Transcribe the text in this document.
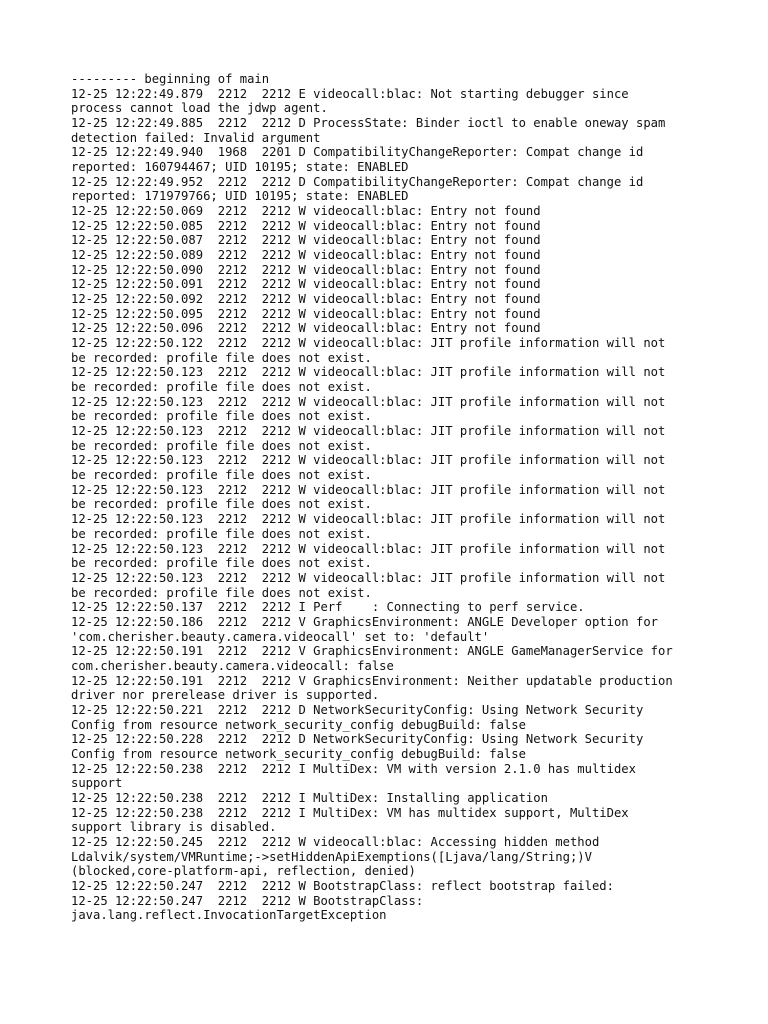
--------- beginning of main
12-25 12:22:49.879  2212  2212 E videocall:blac: Not starting debugger since
process cannot load the jdwp agent.
12-25 12:22:49.885  2212  2212 D ProcessState: Binder ioctl to enable oneway spam
detection failed: Invalid argument
12-25 12:22:49.940  1968  2201 D CompatibilityChangeReporter: Compat change id
reported: 160794467; UID 10195; state: ENABLED
12-25 12:22:49.952  2212  2212 D CompatibilityChangeReporter: Compat change id
reported: 171979766; UID 10195; state: ENABLED
12-25 12:22:50.069  2212  2212 W videocall:blac: Entry not found
12-25 12:22:50.085  2212  2212 W videocall:blac: Entry not found
12-25 12:22:50.087  2212  2212 W videocall:blac: Entry not found
12-25 12:22:50.089  2212  2212 W videocall:blac: Entry not found
12-25 12:22:50.090  2212  2212 W videocall:blac: Entry not found
12-25 12:22:50.091  2212  2212 W videocall:blac: Entry not found
12-25 12:22:50.092  2212  2212 W videocall:blac: Entry not found
12-25 12:22:50.095  2212  2212 W videocall:blac: Entry not found
12-25 12:22:50.096  2212  2212 W videocall:blac: Entry not found
12-25 12:22:50.122  2212  2212 W videocall:blac: JIT profile information will not
be recorded: profile file does not exist.
12-25 12:22:50.123  2212  2212 W videocall:blac: JIT profile information will not
be recorded: profile file does not exist.
12-25 12:22:50.123  2212  2212 W videocall:blac: JIT profile information will not
be recorded: profile file does not exist.
12-25 12:22:50.123  2212  2212 W videocall:blac: JIT profile information will not
be recorded: profile file does not exist.
12-25 12:22:50.123  2212  2212 W videocall:blac: JIT profile information will not
be recorded: profile file does not exist.
12-25 12:22:50.123  2212  2212 W videocall:blac: JIT profile information will not
be recorded: profile file does not exist.
12-25 12:22:50.123  2212  2212 W videocall:blac: JIT profile information will not
be recorded: profile file does not exist.
12-25 12:22:50.123  2212  2212 W videocall:blac: JIT profile information will not
be recorded: profile file does not exist.
12-25 12:22:50.123  2212  2212 W videocall:blac: JIT profile information will not
be recorded: profile file does not exist.
12-25 12:22:50.137  2212  2212 I Perf    : Connecting to perf service.
12-25 12:22:50.186  2212  2212 V GraphicsEnvironment: ANGLE Developer option for
'com.cherisher.beauty.camera.videocall' set to: 'default'
12-25 12:22:50.191  2212  2212 V GraphicsEnvironment: ANGLE GameManagerService for
com.cherisher.beauty.camera.videocall: false
12-25 12:22:50.191  2212  2212 V GraphicsEnvironment: Neither updatable production
driver nor prerelease driver is supported.
12-25 12:22:50.221  2212  2212 D NetworkSecurityConfig: Using Network Security
Config from resource network_security_config debugBuild: false
12-25 12:22:50.228  2212  2212 D NetworkSecurityConfig: Using Network Security
Config from resource network_security_config debugBuild: false
12-25 12:22:50.238  2212  2212 I MultiDex: VM with version 2.1.0 has multidex
support
12-25 12:22:50.238  2212  2212 I MultiDex: Installing application
12-25 12:22:50.238  2212  2212 I MultiDex: VM has multidex support, MultiDex
support library is disabled.
12-25 12:22:50.245  2212  2212 W videocall:blac: Accessing hidden method
Ldalvik/system/VMRuntime;->setHiddenApiExemptions([Ljava/lang/String;)V
(blocked,core-platform-api, reflection, denied)
12-25 12:22:50.247  2212  2212 W BootstrapClass: reflect bootstrap failed:
12-25 12:22:50.247  2212  2212 W BootstrapClass:
java.lang.reflect.InvocationTargetException
